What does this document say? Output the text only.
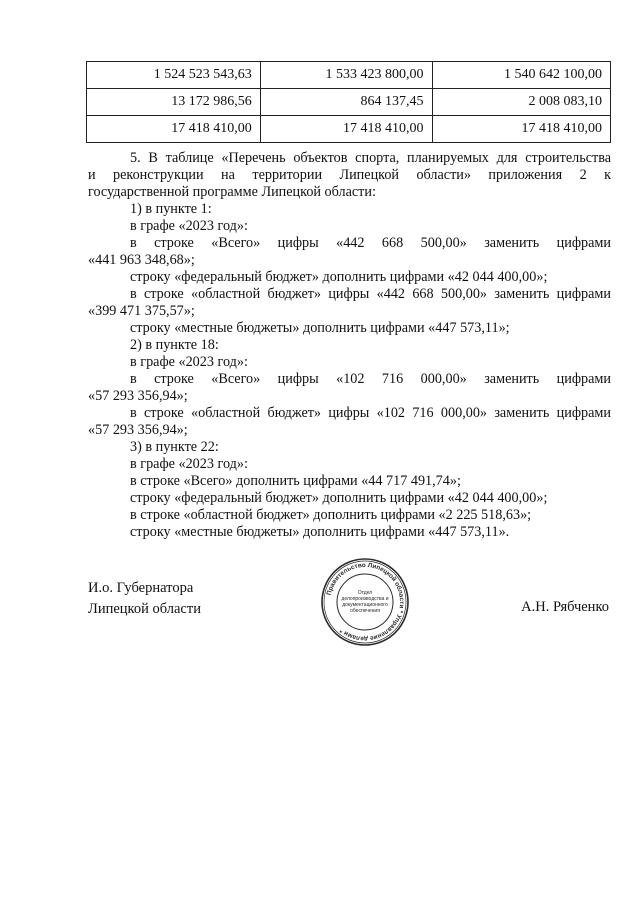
1 524 523 543,63	1 533 423 800,00	1 540 642 100,00
13 172 986,56	864 137,45	2 008 083,10
17 418 410,00	17 418 410,00	17 418 410,00

5. В таблице «Перечень объектов спорта, планируемых для строительства

и реконструкции на территории Липецкой области» приложения 2 к

государственной программе Липецкой области:

1) в пункте 1:

в графе «2023 год»:

в строке «Всего» цифры «442 668 500,00» заменить цифрами

«441 963 348,68»;

строку «федеральный бюджет» дополнить цифрами «42 044 400,00»;

в строке «областной бюджет» цифры «442 668 500,00» заменить цифрами

«399 471 375,57»;

строку «местные бюджеты» дополнить цифрами «447 573,11»;

2) в пункте 18:

в графе «2023 год»:

в строке «Всего» цифры «102 716 000,00» заменить цифрами

«57 293 356,94»;

в строке «областной бюджет» цифры «102 716 000,00» заменить цифрами

«57 293 356,94»;

3) в пункте 22:

в графе «2023 год»:

в строке «Всего» дополнить цифрами «44 717 491,74»;

строку «федеральный бюджет» дополнить цифрами «42 044 400,00»;

в строке «областной бюджет» дополнить цифрами «2 225 518,63»;

строку «местные бюджеты» дополнить цифрами «447 573,11».

И.о. Губернатора
Липецкой области	А.Н. Рябченко
Правительство Липецкой области * Управление делами *
Отдел
делопроизводства и
документационного
обеспечения
